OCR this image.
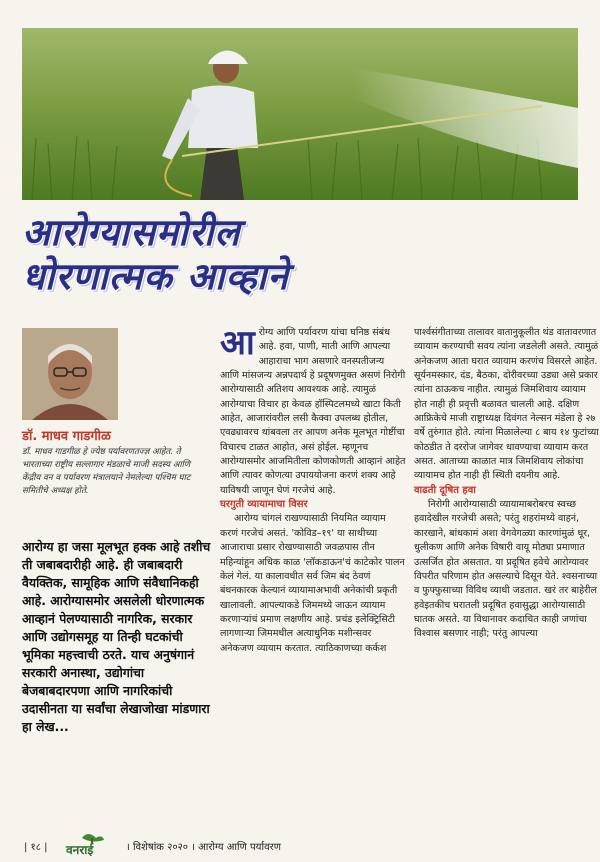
आरोग्यासमोरील
धोरणात्मक आव्हाने
डॉ. माधव गाडगीळ
डॉ. माधव गाडगीळ हे ज्येष्ठ पर्यावरणतज्ज्ञ आहेत. ते भारताच्या राष्ट्रीय सल्लागार मंडळाचे माजी सदस्य आणि केंद्रीय वन व पर्यावरण मंत्रालयाने नेमलेल्या पश्चिम घाट समितीचे अध्यक्ष होते.
आरोग्य हा जसा मूलभूत हक्क आहे तशीच ती जबाबदारीही आहे. ही जबाबदारी वैयक्तिक, सामूहिक आणि संवैधानिकही आहे. आरोग्यासमोर असलेली धोरणात्मक आव्हानं पेलण्यासाठी नागरिक, सरकार आणि उद्योगसमूह या तिन्ही घटकांची भूमिका महत्त्वाची ठरते. याच अनुषंगानं सरकारी अनास्था, उद्योगांचा बेजबाबदारपणा आणि नागरिकांची उदासीनता या सर्वांचा लेखाजोखा मांडणारा हा लेख...

आरोग्य आणि पर्यावरण यांचा घनिष्ठ संबंध आहे. हवा, पाणी, माती आणि आपल्या आहाराचा भाग असणारे वनस्पतीजन्य आणि मांसजन्य अन्नपदार्थ हे प्रदूषणमुक्त असणं निरोगी आरोग्यासाठी अतिशय आवश्यक आहे. त्यामुळं आरोग्याचा विचार हा केवळ हॉस्पिटलमध्ये खाटा किती आहेत, आजारांवरील लसी कैक्वा उपलब्ध होतील, एवढ्यावरच थांबवला तर आपण अनेक मूलभूत गोष्टींचा विचारच टाळत आहोत, असं होईल. म्हणूनच आरोग्यासमोर आजमितीला कोणकोणती आव्हानं आहेत आणि त्यावर कोणत्या उपाययोजना करणं शक्य आहे याविषयी जाणून घेणं गरजेचं आहे.

घरगुती व्यायामाचा विसर

आरोग्य चांगलं राखण्यासाठी नियमित व्यायाम करणं गरजेचं असतं. 'कोविड–१९' या साथीच्या आजाराचा प्रसार रोखण्यासाठी जवळपास तीन महिन्यांहून अधिक काळ 'लॉकडाऊन'चं काटेकोर पालन केलं गेलं. या कालावधीत सर्व जिम बंद ठेवणं बंधनकारक केल्यानं व्यायामाअभावी अनेकांची प्रकृती खालावली. आपल्याकडे जिममध्ये जाऊन व्यायाम करणाऱ्यांचं प्रमाण लक्षणीय आहे. प्रचंड इलेक्ट्रिसिटी लागणाऱ्या जिममधील अत्याधुनिक मशीन्सवर अनेकजण व्यायाम करतात. त्याठिकाणच्या कर्कश

पार्श्वसंगीताच्या तालावर वातानुकूलीत थंड वातावरणात व्यायाम करण्याची सवय त्यांना जडलेली असते. त्यामुळं अनेकजण आता घरात व्यायाम करणंच विसरले आहेत. सूर्यनमस्कार, दंड, बैठका, दोरीवरच्या उड्या असे प्रकार त्यांना ठाऊकच नाहीत. त्यामुळं जिमशिवाय व्यायाम होत नाही ही प्रवृत्ती बळावत चालली आहे. दक्षिण आफ्रिकेचे माजी राष्ट्राध्यक्ष दिवंगत नेल्सन मंडेला हे २७ वर्षे तुरुंगात होते. त्यांना मिळालेल्या ८ बाय १४ फुटांच्या कोठडीत ते दररोज जागेवर धावण्याचा व्यायाम करत असत. आताच्या काळात मात्र जिमशिवाय लोकांचा व्यायामच होत नाही ही स्थिती दयनीय आहे.

वाढती दूषित हवा

निरोगी आरोग्यासाठी व्यायामाबरोबरच स्वच्छ हवादेखील गरजेची असते; परंतु शहरांमध्ये वाहनं, कारखाने, बांधकामं अशा वेगवेगळ्या कारणांमुळं धूर, धुलीकण आणि अनेक विषारी वायू मोठ्या प्रमाणात उत्सर्जित होत असतात. या प्रदूषित हवेचे आरोग्यावर विपरीत परिणाम होत असल्याचे दिसून येते. श्वसनाच्या व फुफ्फुसाच्या विविध व्याधी जडतात. खरं तर बाहेरील हवेइतकीच घरातली प्रदूषित हवासुद्धा आरोग्यासाठी घातक असते. या विधानावर कदाचित काही जणांचा विश्वास बसणार नाही; परंतु आपल्या

| १८ | वनराई	। विशेषांक २०२० । आरोग्य आणि पर्यावरण
